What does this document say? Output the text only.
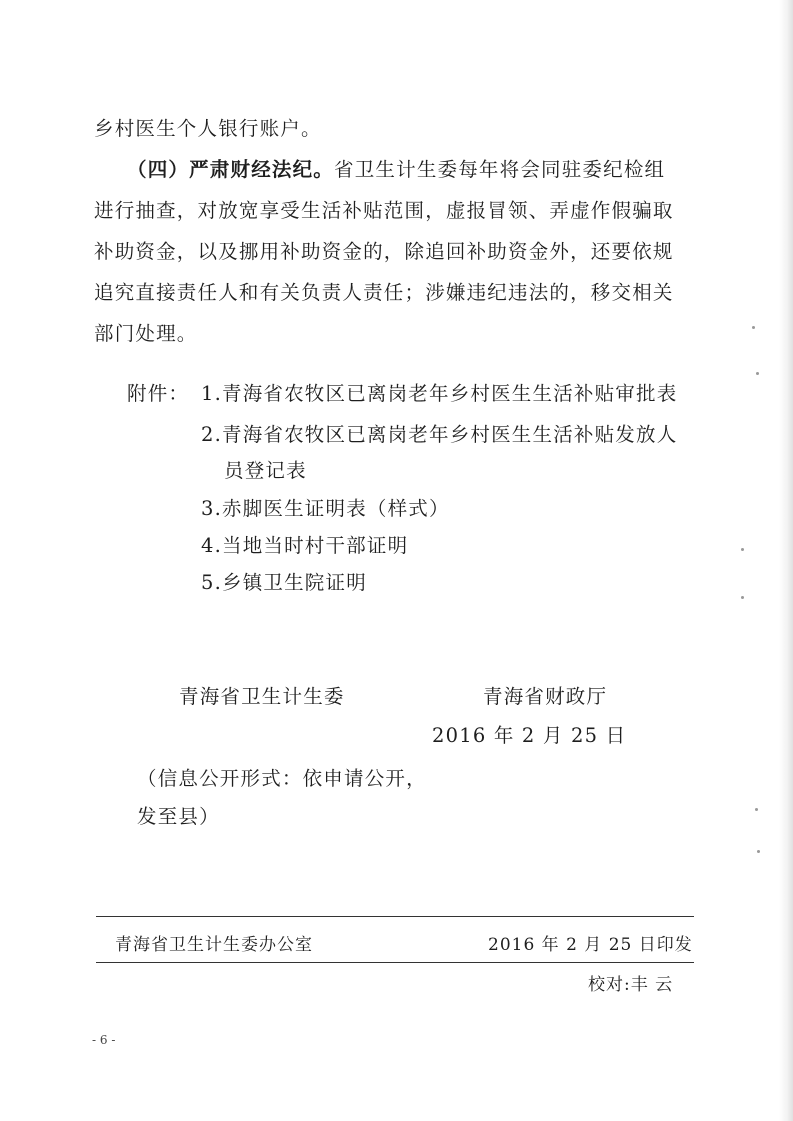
乡村医生个人银行账户。
（四）严肃财经法纪。省卫生计生委每年将会同驻委纪检组
进行抽查，对放宽享受生活补贴范围，虚报冒领、弄虚作假骗取
补助资金，以及挪用补助资金的，除追回补助资金外，还要依规
追究直接责任人和有关负责人责任；涉嫌违纪违法的，移交相关
部门处理。
附件： 1.青海省农牧区已离岗老年乡村医生生活补贴审批表
2.青海省农牧区已离岗老年乡村医生生活补贴发放人
员登记表
3.赤脚医生证明表（样式）
4.当地当时村干部证明
5.乡镇卫生院证明
青海省卫生计生委	青海省财政厅
2016 年 2 月 25 日
（信息公开形式：依申请公开，
发至县）
青海省卫生计生委办公室	2016 年 2 月 25 日印发
校对:丰 云
- 6 -
